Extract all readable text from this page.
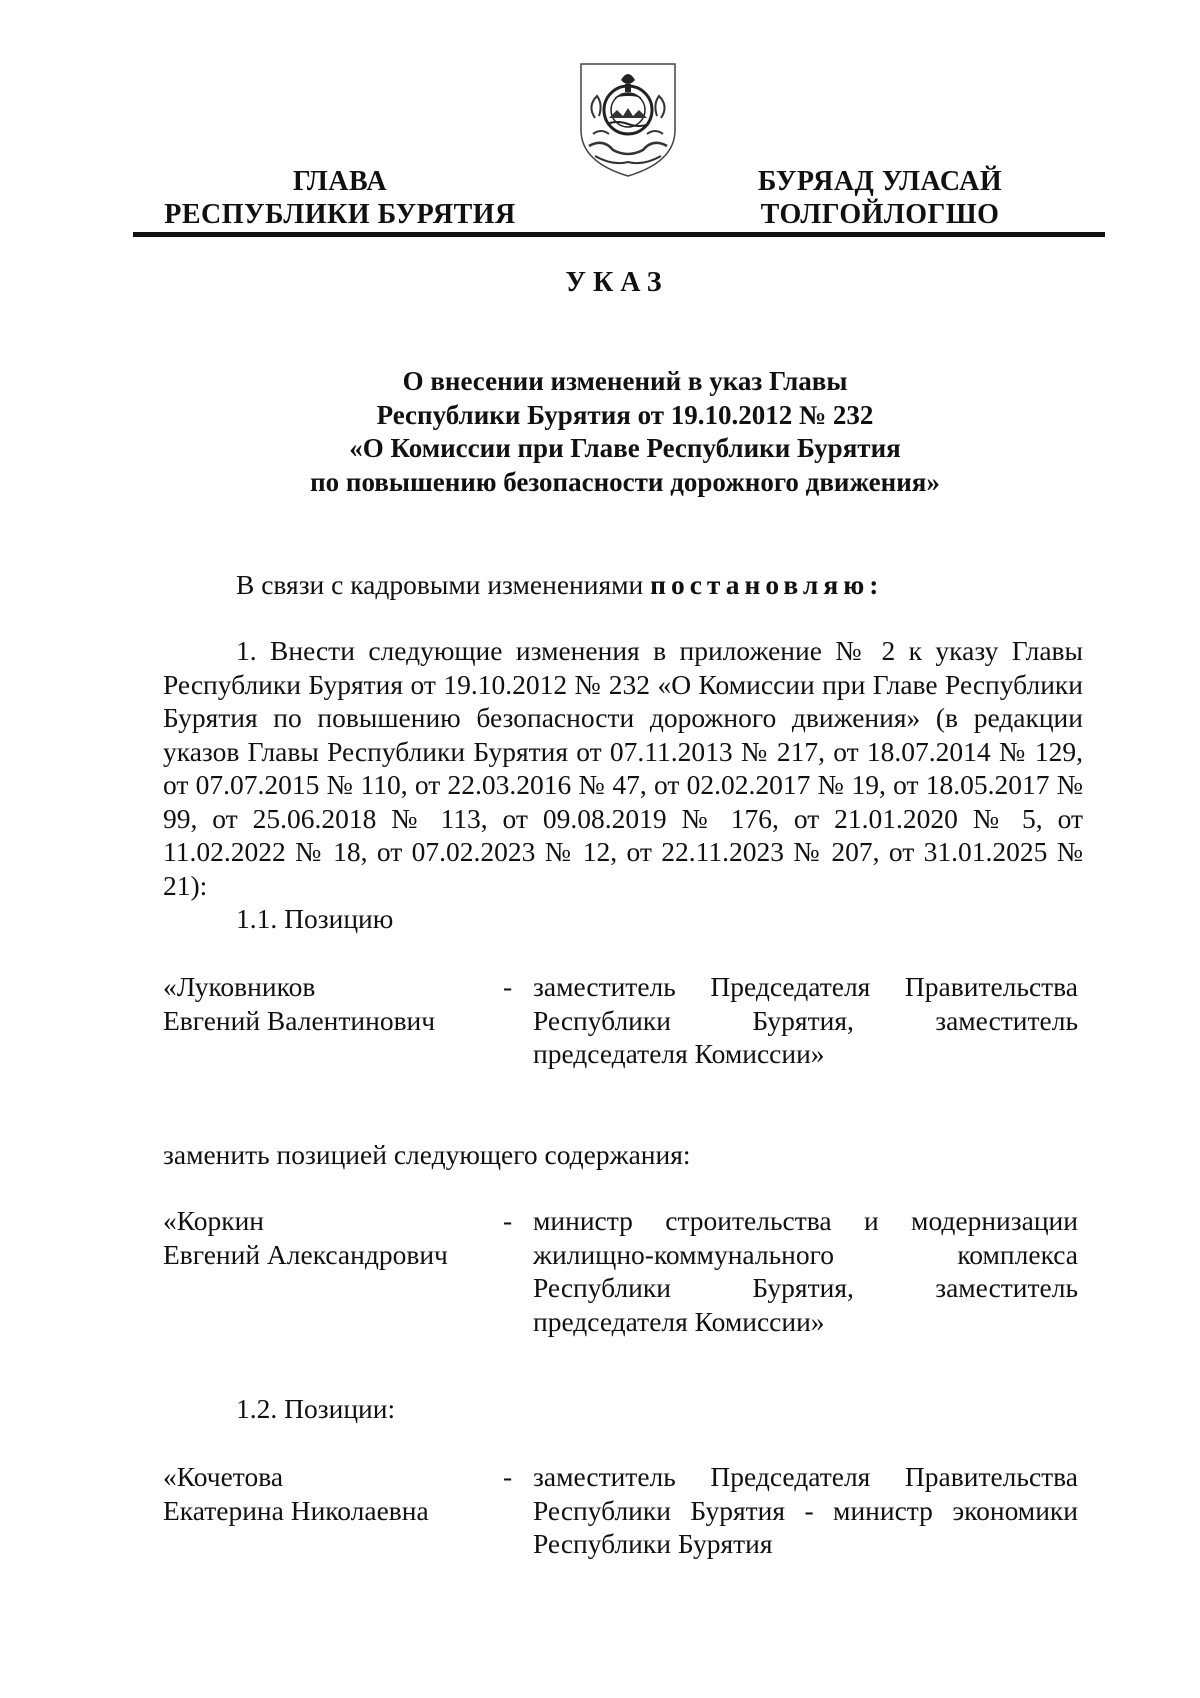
ГЛАВА
РЕСПУБЛИКИ БУРЯТИЯ
БУРЯАД УЛАСАЙ
ТОЛГОЙЛОГШО
УКАЗ
О внесении изменений в указ Главы
Республики Бурятия от 19.10.2012 № 232
«О Комиссии при Главе Республики Бурятия
по повышению безопасности дорожного движения»
В связи с кадровыми изменениями постановляю:
1. Внести следующие изменения в приложение № 2 к указу Главы Республики Бурятия от 19.10.2012 № 232 «О Комиссии при Главе Республики Бурятия по повышению безопасности дорожного движения» (в редакции указов Главы Республики Бурятия от 07.11.2013 № 217, от 18.07.2014 № 129, от 07.07.2015 № 110, от 22.03.2016 № 47, от 02.02.2017 № 19, от 18.05.2017 № 99, от 25.06.2018 № 113, от 09.08.2019 № 176, от 21.01.2020 № 5, от 11.02.2022 № 18, от 07.02.2023 № 12, от 22.11.2023 № 207, от 31.01.2025 № 21):
1.1. Позицию
«Луковников
Евгений Валентинович
- заместитель Председателя Правительства Республики Бурятия, заместитель председателя Комиссии»
заменить позицией следующего содержания:
«Коркин
Евгений Александрович
- министр строительства и модернизации жилищно-коммунального комплекса Республики Бурятия, заместитель председателя Комиссии»
1.2. Позиции:
«Кочетова
Екатерина Николаевна
- заместитель Председателя Правительства Республики Бурятия - министр экономики Республики Бурятия
